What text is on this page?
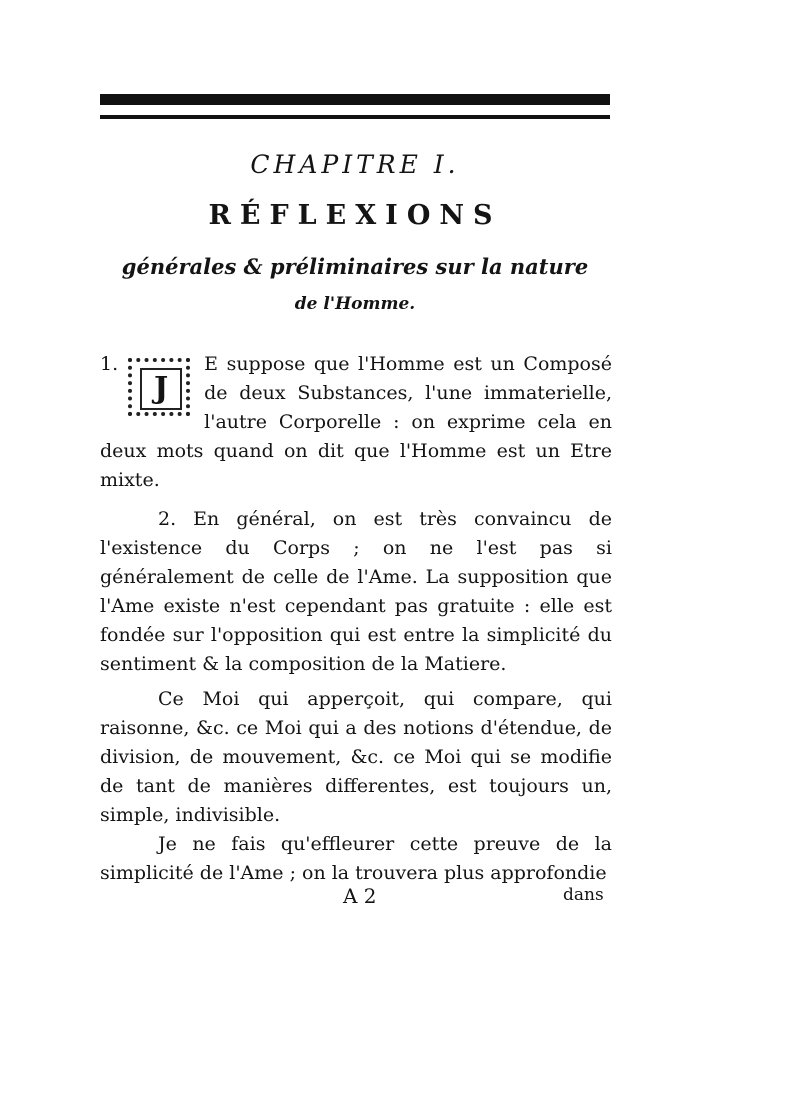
CHAPITRE I.
RÉFLEXIONS
générales & préliminaires sur la nature
de l'Homme.
1.
J
E suppose que l'Homme est un Composé de deux Substances, l'une immaterielle, l'autre Corporelle : on exprime cela en deux mots quand on dit que l'Homme est un Etre mixte.
2. En général, on est très convaincu de l'existence du Corps ; on ne l'est pas si généralement de celle de l'Ame. La supposition que l'Ame existe n'est cependant pas gratuite : elle est fondée sur l'opposition qui est entre la simplicité du sentiment & la composition de la Matiere.
Ce Moi qui apperçoit, qui compare, qui raisonne, &c. ce Moi qui a des notions d'étendue, de division, de mouvement, &c. ce Moi qui se modifie de tant de manières differentes, est toujours un, simple, indivisible.
Je ne fais qu'effleurer cette preuve de la simplicité de l'Ame ; on la trouvera plus approfondie
A 2	dans
